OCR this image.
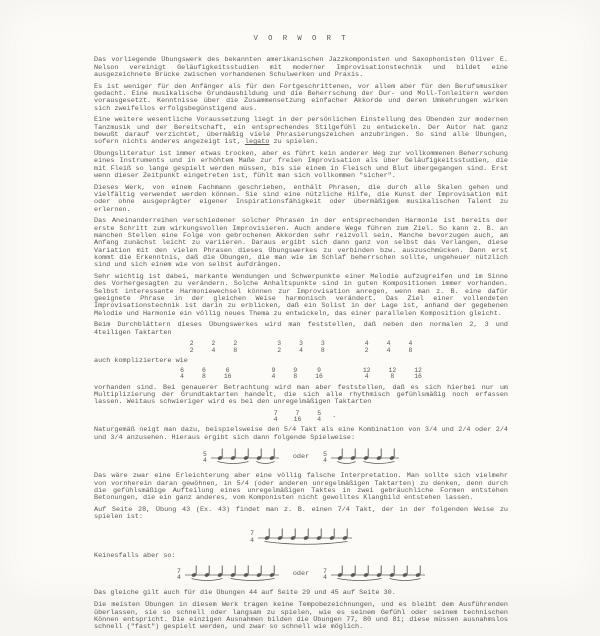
V O R W O R T

Das vorliegende Übungswerk des bekannten amerikanischen Jazzkomponisten und Saxophonisten Oliver E. Nelson vereinigt Geläufigkeitsstudien mit moderner Improvisationstechnik und bildet eine ausgezeichnete Brücke zwischen vorhandenen Schulwerken und Praxis.

Es ist weniger für den Anfänger als für den Fortgeschrittenen, vor allem aber für den Berufsmusiker gedacht. Eine musikalische Grundausbildung und die Beherrschung der Dur- und Moll-Tonleitern werden vorausgesetzt. Kenntnisse über die Zusammensetzung einfacher Akkorde und deren Umkehrungen wirken sich zweifellos erfolgsbegünstigend aus.

Eine weitere wesentliche Voraussetzung liegt in der persönlichen Einstellung des Übenden zur modernen Tanzmusik und der Bereitschaft, ein entsprechendes Stilgefühl zu entwickeln. Der Autor hat ganz bewußt darauf verzichtet, übermäßig viele Phrasierungszeichen anzubringen. So sind alle Übungen, sofern nichts anderes angezeigt ist, legato zu spielen.

Übungsliteratur ist immer etwas trocken, aber es führt kein anderer Weg zur vollkommenen Beherrschung eines Instruments und in erhöhtem Maße zur freien Improvisation als über Geläufigkeitsstudien, die mit Fleiß so lange gespielt werden müssen, bis sie einem in Fleisch und Blut übergegangen sind. Erst wenn dieser Zeitpunkt eingetreten ist, fühlt man sich vollkommen "sicher".

Dieses Werk, von einem Fachmann geschrieben, enthält Phrasen, die durch alle Skalen gehen und vielfältig verwendet werden können. Sie sind eine nützliche Hilfe, die Kunst der Improvisation mit oder ohne ausgeprägter eigener Inspirationsfähigkeit oder übermäßigem musikalischen Talent zu erlernen.

Das Aneinanderreihen verschiedener solcher Phrasen in der entsprechenden Harmonie ist bereits der erste Schritt zum wirkungsvollen Improvisieren. Auch andere Wege führen zum Ziel. So kann z. B. an manchen Stellen eine Folge von gebrochenen Akkorden sehr reizvoll sein. Manche bevorzugen auch, am Anfang zunächst leicht zu variieren. Daraus ergibt sich dann ganz von selbst das Verlangen, diese Variation mit den vielen Phrasen dieses Übungswerkes zu verbinden bzw. auszuschmücken. Dann erst kommt die Erkenntnis, daß die Übungen, die man wie im Schlaf beherrschen sollte, ungeheuer nützlich sind und sich einem wie von selbst aufdrängen.

Sehr wichtig ist dabei, markante Wendungen und Schwerpunkte einer Melodie aufzugreifen und im Sinne des Vorhergesagten zu verändern. Solche Anhaltspunkte sind in guten Kompositionen immer vorhanden. Selbst interessante Harmoniewechsel können zur Improvisation anregen, wenn man z. B. eine dafür geeignete Phrase in der gleichen Weise harmonisch verändert. Das Ziel einer vollendeten Improvisationstechnik ist darin zu erblicken, daß ein Solist in der Lage ist, anhand der gegebenen Melodie und Harmonie ein völlig neues Thema zu entwickeln, das einer parallelen Komposition gleicht.

Beim Durchblättern dieses Übungswerkes wird man feststellen, daß neben den normalen 2, 3 und 4teiligen Taktarten

2
2
2
4
2
8
3
2
3
4
3
8
4
2
4
4
4
8

auch kompliziertere wie

6
4
6
8
6
16
9
4
9
8
9
16
12
4
12
8
12
16

vorhanden sind. Bei genauerer Betrachtung wird man aber feststellen, daß es sich hierbei nur um Multiplizierung der Grundtaktarten handelt, die sich alle rhythmisch gefühlsmäßig noch erfassen lassen. Weitaus schwieriger wird es bei den unregelmäßigen Taktarten

7
4
7
16
5
4 .

Naturgemäß neigt man dazu, beispielsweise den 5/4 Takt als eine Kombination von 3/4 und 2/4 oder 2/4 und 3/4 anzusehen. Hieraus ergibt sich dann folgende Spielweise:

5
4	oder 5
4

Das wäre zwar eine Erleichterung aber eine völlig falsche Interpretation. Man sollte sich vielmehr von vornherein daran gewöhnen, in 5/4 (oder anderen unregelmäßigen Taktarten) zu denken, denn durch die gefühlsmäßige Aufteilung eines unregelmäßigen Taktes in zwei gebräuchliche Formen entstehen Betonungen, die ein ganz anderes, vom Komponisten nicht gewolltes Klangbild entstehen lassen.

Auf Seite 28, Übung 43 (Ex. 43) findet man z. B. einen 7/4 Takt, der in der folgenden Weise zu spielen ist:

7
4

Keinesfalls aber so:

7
4	oder 7
4

Das gleiche gilt auch für die Übungen 44 auf Seite 29 und 45 auf Seite 30.

Die meisten Übungen in diesem Werk tragen keine Tempobezeichnungen, und es bleibt dem Ausführenden überlassen, sie so schnell oder langsam zu spielen, wie es seinem Gefühl oder seinem technischen Können entspricht. Die einzigen Ausnahmen bilden die Übungen 77, 80 und 81; diese müssen ausnahmslos schnell ("fast") gespielt werden, und zwar so schnell wie möglich.
